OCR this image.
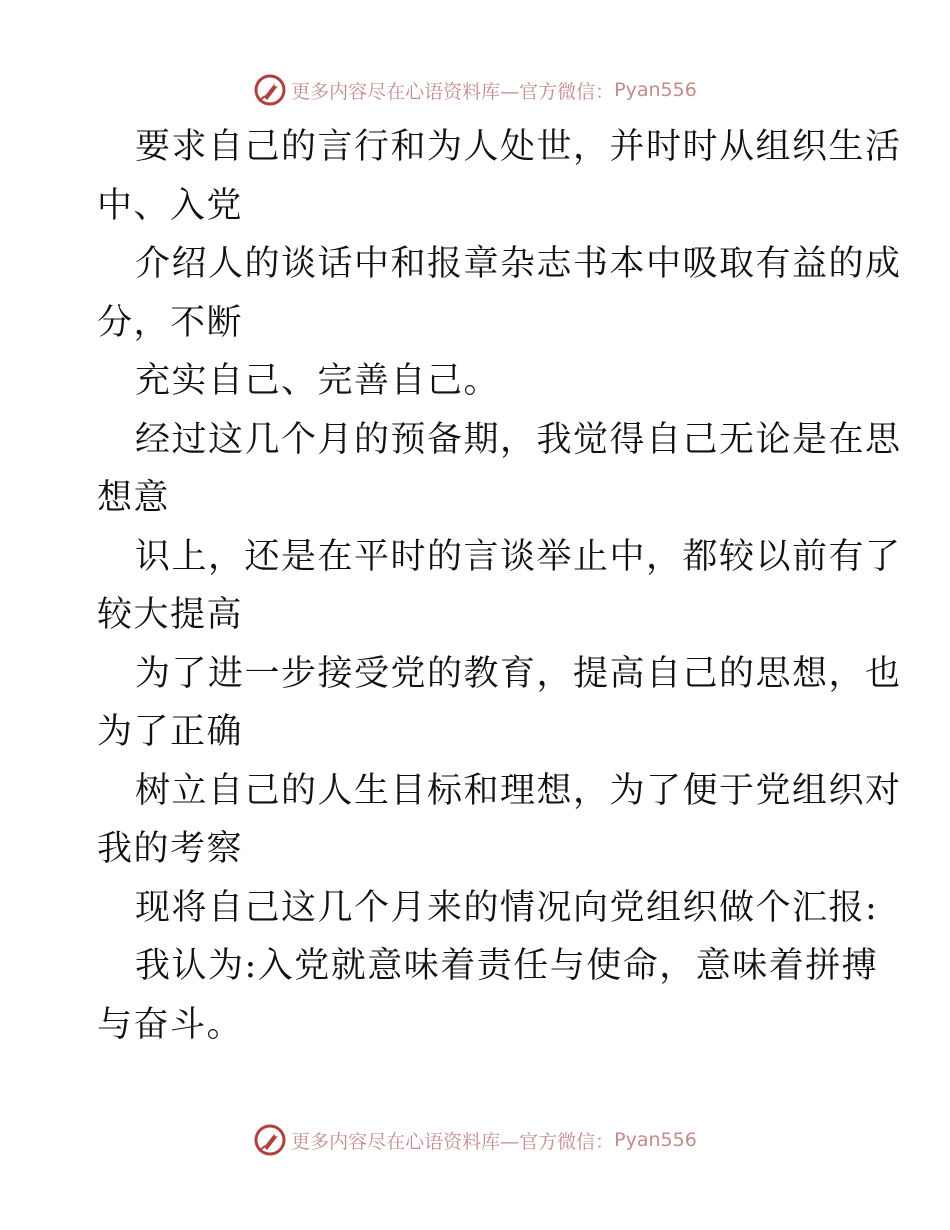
更多内容尽在心语资料库—官方微信： Pyan556
要求自己的言行和为人处世，并时时从组织生活
中、入党
介绍人的谈话中和报章杂志书本中吸取有益的成
分，不断
充实自己、完善自己。
经过这几个月的预备期，我觉得自己无论是在思
想意
识上，还是在平时的言谈举止中，都较以前有了
较大提高
为了进一步接受党的教育，提高自己的思想，也
为了正确
树立自己的人生目标和理想，为了便于党组织对
我的考察
现将自己这几个月来的情况向党组织做个汇报:
我认为:入党就意味着责任与使命，意味着拼搏
与奋斗。
更多内容尽在心语资料库—官方微信： Pyan556
